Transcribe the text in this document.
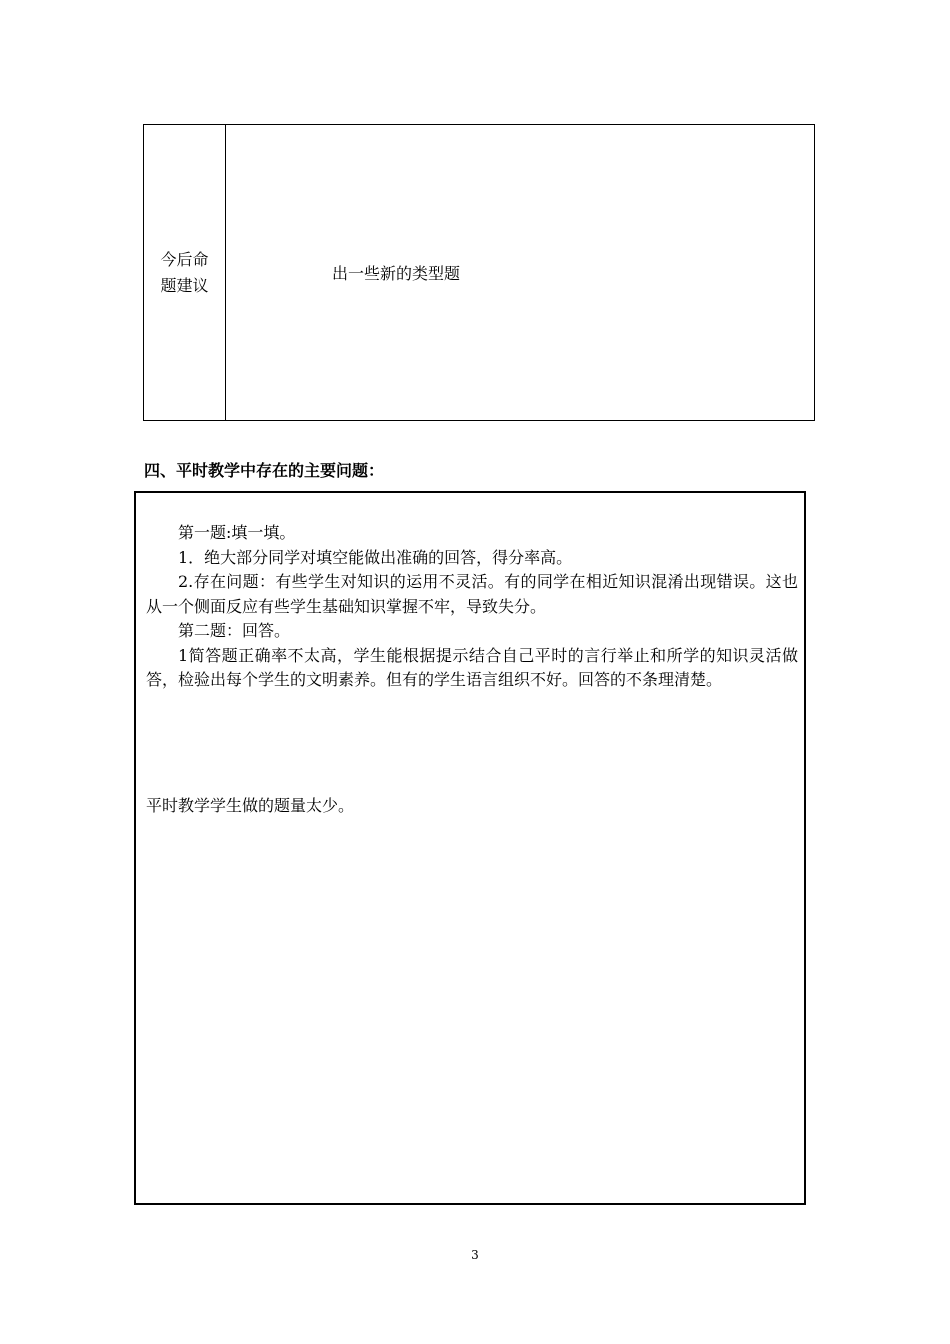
今后命
题建议

出一些新的类型题
四、平时教学中存在的主要问题：

第一题:填一填。

1．绝大部分同学对填空能做出准确的回答，得分率高。

2.存在问题：有些学生对知识的运用不灵活。有的同学在相近知识混淆出现错误。这也从一个侧面反应有些学生基础知识掌握不牢，导致失分。

第二题：回答。

1简答题正确率不太高，学生能根据提示结合自己平时的言行举止和所学的知识灵活做答，检验出每个学生的文明素养。但有的学生语言组织不好。回答的不条理清楚。

平时教学学生做的题量太少。
3
